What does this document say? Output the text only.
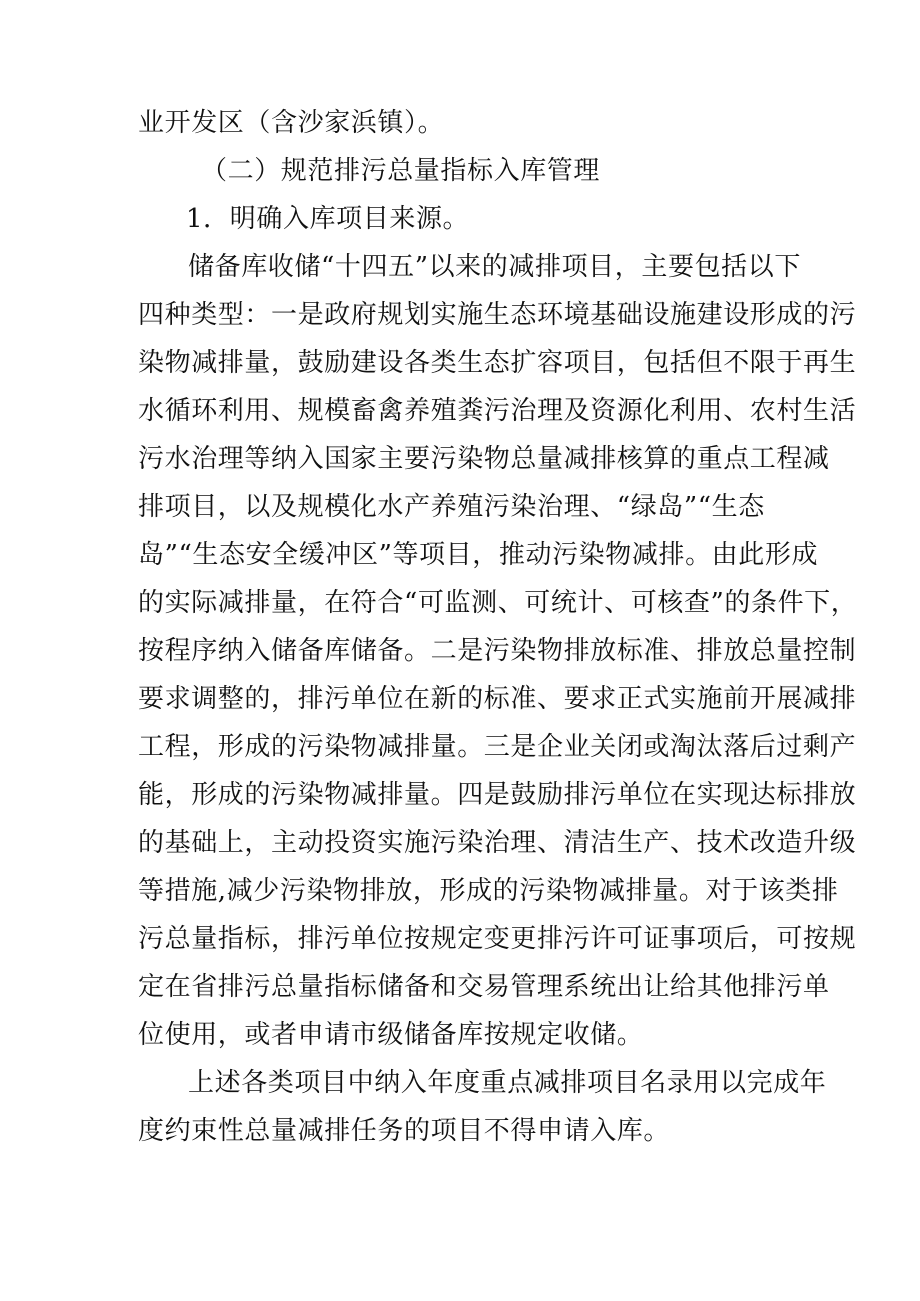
业开发区（含沙家浜镇）。
（二）规范排污总量指标入库管理
1．明确入库项目来源。
储备库收储“十四五”以来的减排项目，主要包括以下
四种类型：一是政府规划实施生态环境基础设施建设形成的污
染物减排量，鼓励建设各类生态扩容项目，包括但不限于再生
水循环利用、规模畜禽养殖粪污治理及资源化利用、农村生活
污水治理等纳入国家主要污染物总量减排核算的重点工程减
排项目，以及规模化水产养殖污染治理、“绿岛”“生态
岛”“生态安全缓冲区”等项目，推动污染物减排。由此形成
的实际减排量，在符合“可监测、可统计、可核查”的条件下，
按程序纳入储备库储备。二是污染物排放标准、排放总量控制
要求调整的，排污单位在新的标准、要求正式实施前开展减排
工程，形成的污染物减排量。三是企业关闭或淘汰落后过剩产
能，形成的污染物减排量。四是鼓励排污单位在实现达标排放
的基础上，主动投资实施污染治理、清洁生产、技术改造升级
等措施,减少污染物排放，形成的污染物减排量。对于该类排
污总量指标，排污单位按规定变更排污许可证事项后，可按规
定在省排污总量指标储备和交易管理系统出让给其他排污单
位使用，或者申请市级储备库按规定收储。
上述各类项目中纳入年度重点减排项目名录用以完成年
度约束性总量减排任务的项目不得申请入库。
